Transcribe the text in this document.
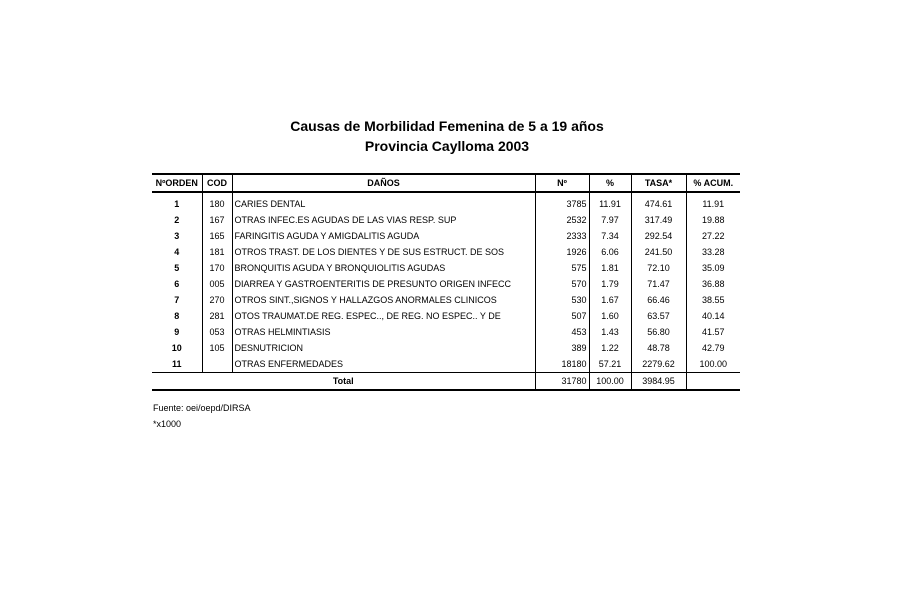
Causas de Morbilidad Femenina de 5 a 19 años
Provincia Caylloma 2003
NºORDEN	COD	DAÑOS	Nº	%	TASA*	% ACUM.
1	180	CARIES DENTAL	3785	11.91	474.61	11.91
2	167	OTRAS INFEC.ES AGUDAS DE LAS VIAS RESP. SUP	2532	7.97	317.49	19.88
3	165	FARINGITIS AGUDA Y AMIGDALITIS AGUDA	2333	7.34	292.54	27.22
4	181	OTROS TRAST. DE LOS DIENTES Y DE SUS ESTRUCT. DE SOS	1926	6.06	241.50	33.28
5	170	BRONQUITIS AGUDA Y BRONQUIOLITIS AGUDAS	575	1.81	72.10	35.09
6	005	DIARREA Y GASTROENTERITIS DE PRESUNTO ORIGEN INFECC	570	1.79	71.47	36.88
7	270	OTROS SINT.,SIGNOS Y HALLAZGOS ANORMALES CLINICOS	530	1.67	66.46	38.55
8	281	OTOS TRAUMAT.DE REG. ESPEC.., DE REG. NO ESPEC.. Y DE	507	1.60	63.57	40.14
9	053	OTRAS HELMINTIASIS	453	1.43	56.80	41.57
10	105	DESNUTRICION	389	1.22	48.78	42.79
11		OTRAS ENFERMEDADES	18180	57.21	2279.62	100.00
Total			31780	100.00	3984.95	
Fuente: oei/oepd/DIRSA
*x1000
